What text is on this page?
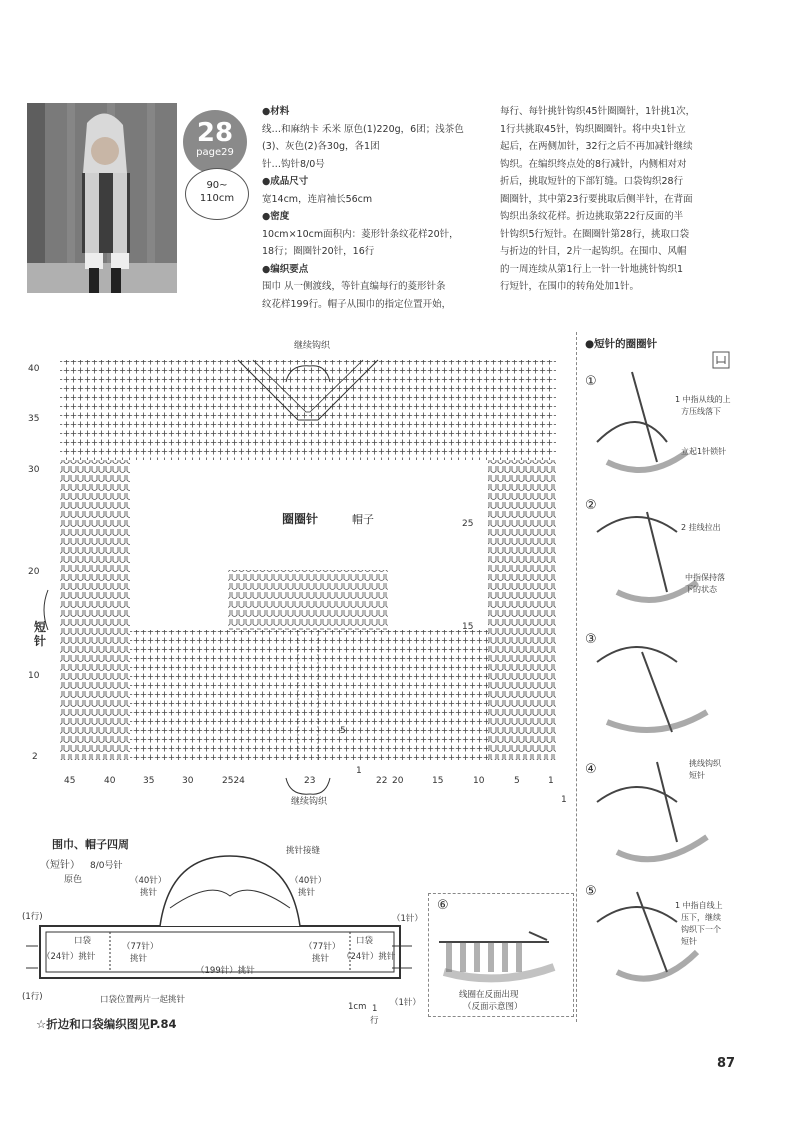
28
page29
90~
110cm
●材料
线…和麻纳卡 禾米 原色(1)220g，6团；浅茶色
(3)、灰色(2)各30g，各1团
针…钩针8/0号
●成品尺寸
宽14cm，连肩袖长56cm
●密度
10cm×10cm面积内：菱形针条纹花样20针，
18行；圈圈针20针，16行
●编织要点
围巾 从一侧渡线，等针直编每行的菱形针条
纹花样199行。帽子从围巾的指定位置开始，
每行、每针挑针钩织45针圈圈针，1针挑1次，
1行共挑取45针，钩织圈圈针。将中央1针立
起后，在两侧加针，32行之后不再加减针继续
钩织。在编织终点处的8行减针，内侧相对对
折后，挑取短针的下部钉缝。口袋钩织28行
圈圈针，其中第23行要挑取后侧半针，在背面
钩织出条纹花样。折边挑取第22行反面的半
针钩织5行短针。在圈圈针第28行，挑取口袋
与折边的针目，2片一起钩织。在围巾、风帽
的一周连续从第1行上一针一针地挑针钩织1
行短针，在围巾的转角处加1针。
继续钩织
继续钩织
圈圈针	帽子
短针
40
35
30
20
10
2
25
15
5
1
45	40	35	30	2524	23	22 20	15	10	5	1
1
●短针的圈圈针
①
1 中指从线的上
方压线落下
立起1针锁针
②
2 挂线拉出
中指保持落
下的状态
③
④	挑线钩织
短针
⑤
1 中指自线上
压下，继续
钩织下一个
短针
⑥
线圈在反面出现
（反面示意图）
围巾、帽子四周
（短针） 8/0号针
原色
挑针接缝
（40针）
挑针
（40针）
挑针
（1针）
(1行)
(1行)
口袋	口袋
（24针）挑针
（77针）
挑针
（77针）
挑针 （24针）挑针
（199针）挑针
口袋位置两片一起挑针
1cm 1
行
（1针）
☆折边和口袋编织图见P.84
87
